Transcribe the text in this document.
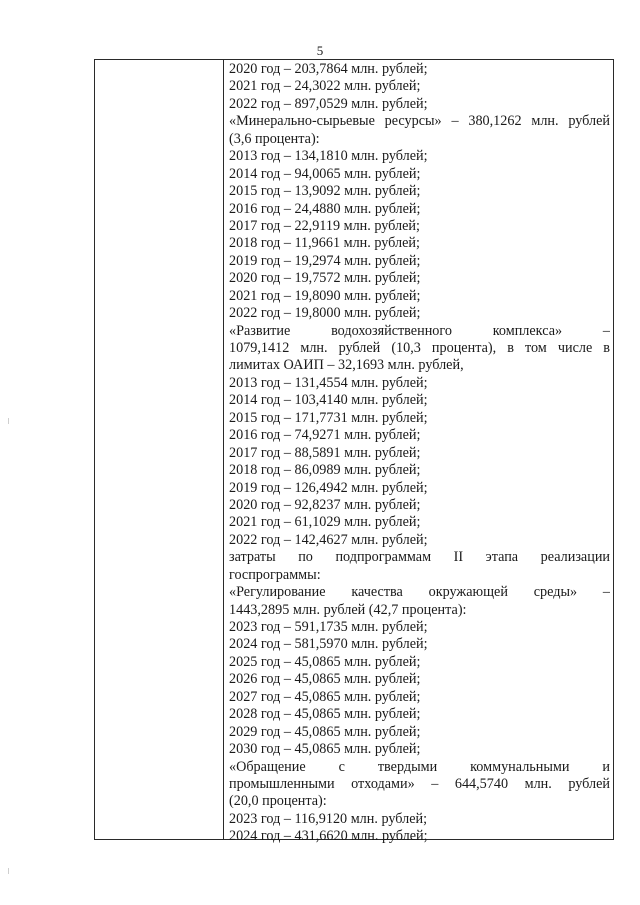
5
2020 год – 203,7864 млн. рублей;
2021 год – 24,3022 млн. рублей;
2022 год – 897,0529 млн. рублей;
«Минерально-сырьевые ресурсы» – 380,1262 млн. рублей
(3,6 процента):
2013 год – 134,1810 млн. рублей;
2014 год – 94,0065 млн. рублей;
2015 год – 13,9092 млн. рублей;
2016 год – 24,4880 млн. рублей;
2017 год – 22,9119 млн. рублей;
2018 год – 11,9661 млн. рублей;
2019 год – 19,2974 млн. рублей;
2020 год – 19,7572 млн. рублей;
2021 год – 19,8090 млн. рублей;
2022 год – 19,8000 млн. рублей;
«Развитие водохозяйственного комплекса» –
1079,1412 млн. рублей (10,3 процента), в том числе в
лимитах ОАИП – 32,1693 млн. рублей,
2013 год – 131,4554 млн. рублей;
2014 год – 103,4140 млн. рублей;
2015 год – 171,7731 млн. рублей;
2016 год – 74,9271 млн. рублей;
2017 год – 88,5891 млн. рублей;
2018 год – 86,0989 млн. рублей;
2019 год – 126,4942 млн. рублей;
2020 год – 92,8237 млн. рублей;
2021 год – 61,1029 млн. рублей;
2022 год – 142,4627 млн. рублей;
затраты по подпрограммам II этапа реализации
госпрограммы:
«Регулирование качества окружающей среды» –
1443,2895 млн. рублей (42,7 процента):
2023 год – 591,1735 млн. рублей;
2024 год – 581,5970 млн. рублей;
2025 год – 45,0865 млн. рублей;
2026 год – 45,0865 млн. рублей;
2027 год – 45,0865 млн. рублей;
2028 год – 45,0865 млн. рублей;
2029 год – 45,0865 млн. рублей;
2030 год – 45,0865 млн. рублей;
«Обращение с твердыми коммунальными и
промышленными отходами» – 644,5740 млн. рублей
(20,0 процента):
2023 год – 116,9120 млн. рублей;
2024 год – 431,6620 млн. рублей;
